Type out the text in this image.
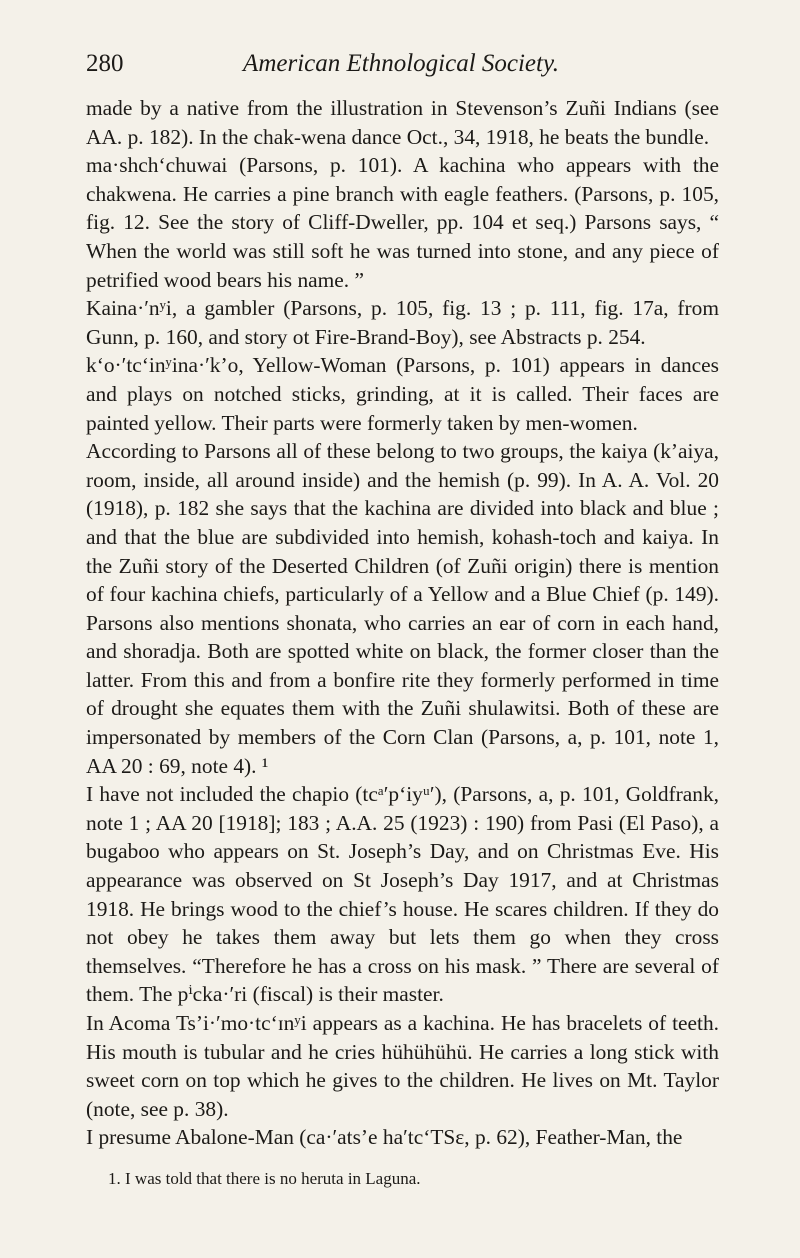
280	American Ethnological Society.

made by a native from the illustration in Stevenson’s Zuñi Indians (see AA. p. 182). In the chak-wena dance Oct., 34, 1918, he beats the bundle.

ma·shch‘chuwai (Parsons, p. 101). A kachina who appears with the chakwena. He carries a pine branch with eagle feathers. (Parsons, p. 105, fig. 12. See the story of Cliff-Dweller, pp. 104 et seq.) Parsons says, “ When the world was still soft he was turned into stone, and any piece of petrified wood bears his name. ”

Kaina·′nʸi, a gambler (Parsons, p. 105, fig. 13 ; p. 111, fig. 17a, from Gunn, p. 160, and story ot Fire-Brand-Boy), see Abstracts p. 254.

k‘o·′tc‘inʸina·′k’o, Yellow-Woman (Parsons, p. 101) appears in dances and plays on notched sticks, grinding, at it is called. Their faces are painted yellow. Their parts were formerly taken by men-women.

According to Parsons all of these belong to two groups, the kaiya (k’aiya, room, inside, all around inside) and the hemish (p. 99). In A. A. Vol. 20 (1918), p. 182 she says that the kachina are divided into black and blue ; and that the blue are subdivided into hemish, kohash-toch and kaiya. In the Zuñi story of the Deserted Children (of Zuñi origin) there is mention of four kachina chiefs, particularly of a Yellow and a Blue Chief (p. 149). Parsons also mentions shonata, who carries an ear of corn in each hand, and shoradja. Both are spotted white on black, the former closer than the latter. From this and from a bonfire rite they formerly performed in time of drought she equates them with the Zuñi shulawitsi. Both of these are impersonated by members of the Corn Clan (Parsons, a, p. 101, note 1, AA 20 : 69, note 4). ¹

I have not included the chapio (tcᵃ′p‘iyᵘ′), (Parsons, a, p. 101, Goldfrank, note 1 ; AA 20 [1918]; 183 ; A.A. 25 (1923) : 190) from Pasi (El Paso), a bugaboo who appears on St. Joseph’s Day, and on Christmas Eve. His appearance was observed on St Joseph’s Day 1917, and at Christmas 1918. He brings wood to the chief’s house. He scares children. If they do not obey he takes them away but lets them go when they cross themselves. “Therefore he has a cross on his mask. ” There are several of them. The pⁱcka·′ri (fiscal) is their master.

In Acoma Ts’i·′mo·tc‘ɪnʸi appears as a kachina. He has bracelets of teeth. His mouth is tubular and he cries hühühühü. He carries a long stick with sweet corn on top which he gives to the children. He lives on Mt. Taylor (note, see p. 38).

I presume Abalone-Man (ca·′ats’e ha′tc‘TSε, p. 62), Feather-Man, the

1. I was told that there is no heruta in Laguna.
